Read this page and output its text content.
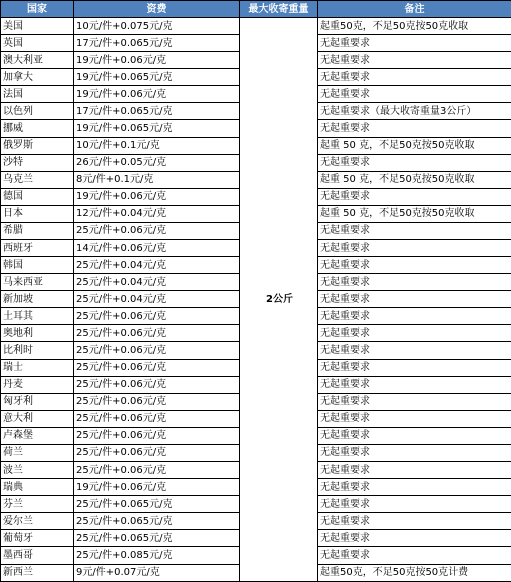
国家	资费	最大收寄重量	备注
美国	10元/件+0.075元/克	2公斤	起重50克，不足50克按50克收取
英国	17元/件+0.065元/克		无起重要求
澳大利亚	19元/件+0.06元/克		无起重要求
加拿大	19元/件+0.065元/克		无起重要求
法国	19元/件+0.06元/克		无起重要求
以色列	17元/件+0.065元/克		无起重要求（最大收寄重量3公斤）
挪威	19元/件+0.065元/克		无起重要求
俄罗斯	10元/件+0.1元/克		起重 50 克，不足50克按50克收取
沙特	26元/件+0.05元/克		无起重要求
乌克兰	8元/件+0.1元/克		起重 50 克，不足50克按50克收取
德国	19元/件+0.06元/克		无起重要求
日本	12元/件+0.04元/克		起重 50 克，不足50克按50克收取
希腊	25元/件+0.06元/克		无起重要求
西班牙	14元/件+0.06元/克		无起重要求
韩国	25元/件+0.04元/克		无起重要求
马来西亚	25元/件+0.04元/克		无起重要求
新加坡	25元/件+0.04元/克		无起重要求
土耳其	25元/件+0.06元/克		无起重要求
奥地利	25元/件+0.06元/克		无起重要求
比利时	25元/件+0.06元/克		无起重要求
瑞士	25元/件+0.06元/克		无起重要求
丹麦	25元/件+0.06元/克		无起重要求
匈牙利	25元/件+0.06元/克		无起重要求
意大利	25元/件+0.06元/克		无起重要求
卢森堡	25元/件+0.06元/克		无起重要求
荷兰	25元/件+0.06元/克		无起重要求
波兰	25元/件+0.06元/克		无起重要求
瑞典	19元/件+0.06元/克		无起重要求
芬兰	25元/件+0.065元/克		无起重要求
爱尔兰	25元/件+0.065元/克		无起重要求
葡萄牙	25元/件+0.065元/克		无起重要求
墨西哥	25元/件+0.085元/克		无起重要求
新西兰	9元/件+0.07元/克		起重50克，不足50克按50克计费
